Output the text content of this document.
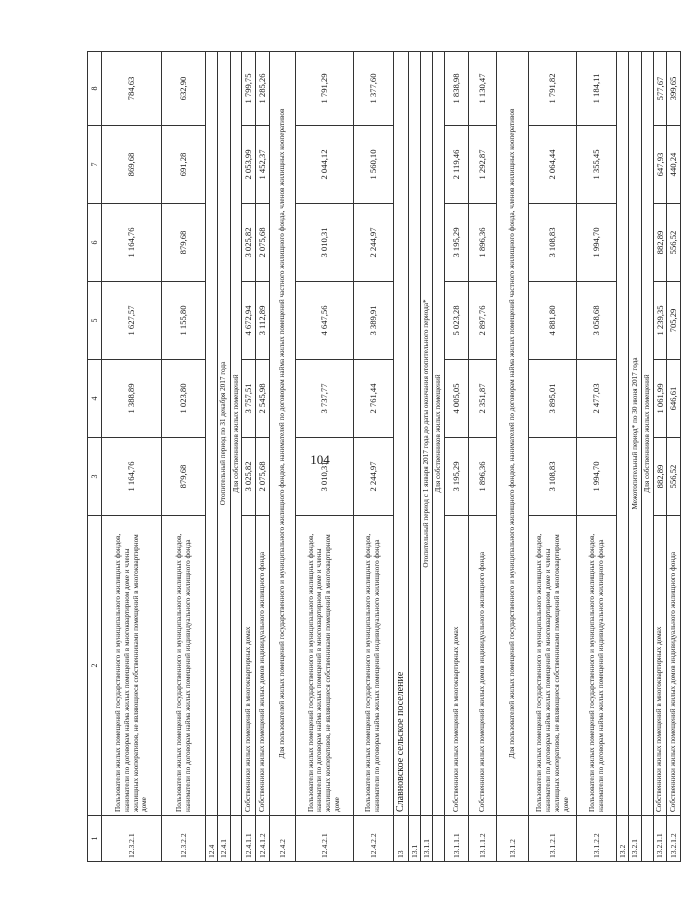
104
1	2	3	4	5	6	7	8
12.3.2.1	Пользователи жилых помещений государственного и муниципального жилищных фондов, наниматели по договорам найма жилых помещений в многоквартирном доме и члены жилищных кооперативов, не являющиеся собственниками помещений в многоквартирном доме	1 164,76	1 388,89	1 627,57	1 164,76	869,68	784,63
12.3.2.2	Пользователи жилых помещений государственного и муниципального жилищных фондов, наниматели по договорам найма жилых помещений индивидуального жилищного фонда	879,68	1 023,80	1 155,80	879,68	691,28	632,90
12.4							
12.4.1	Отопительный период по 31 декабря 2017 года						
	Для собственников жилых помещений						
12.4.1.1	Собственники жилых помещений в многоквартирных домах	3 025,82	3 757,51	4 672,94	3 025,82	2 053,99	1 799,75
12.4.1.2	Собственники жилых помещений жилых домов индивидуального жилищного фонда	2 075,68	2 545,98	3 112,89	2 075,68	1 452,37	1 285,26
12.4.2	Для пользователей жилых помещений государственного и муниципального жилищного фондов, нанимателей по договорам найма жилых помещений частного жилищного фонда, членов жилищных кооперативов						
12.4.2.1	Пользователи жилых помещений государственного и муниципального жилищных фондов, наниматели по договорам найма жилых помещений в многоквартирном доме и члены жилищных кооперативов, не являющиеся собственниками помещений в многоквартирном доме	3 010,31	3 737,77	4 647,56	3 010,31	2 044,12	1 791,29
12.4.2.2	Пользователи жилых помещений государственного и муниципального жилищных фондов, наниматели по договорам найма жилых помещений индивидуального жилищного фонда	2 244,97	2 761,44	3 389,91	2 244,97	1 560,10	1 377,60
13	Славновское сельское поселение						
13.1							
13.1.1	Отопительный период с 1 января 2017 года до даты окончания отопительного периода*						
	Для собственников жилых помещений						
13.1.1.1	Собственники жилых помещений в многоквартирных домах	3 195,29	4 005,05	5 023,28	3 195,29	2 119,46	1 838,98
13.1.1.2	Собственники жилых помещений жилых домов индивидуального жилищного фонда	1 896,36	2 351,87	2 897,76	1 896,36	1 292,87	1 130,47
13.1.2	Для пользователей жилых помещений государственного и муниципального жилищного фондов, нанимателей по договорам найма жилых помещений частного жилищного фонда, членов жилищных кооперативов						
13.1.2.1	Пользователи жилых помещений государственного и муниципального жилищных фондов, наниматели по договорам найма жилых помещений в многоквартирном доме и члены жилищных кооперативов, не являющиеся собственниками помещений в многоквартирном доме	3 108,83	3 895,01	4 881,80	3 108,83	2 064,44	1 791,82
13.1.2.2	Пользователи жилых помещений государственного и муниципального жилищных фондов, наниматели по договорам найма жилых помещений индивидуального жилищного фонда	1 994,70	2 477,03	3 058,68	1 994,70	1 355,45	1 184,11
13.2							
13.2.1	Межотопительный период* по 30 июня 2017 года						
	Для собственников жилых помещений						
13.2.1.1	Собственники жилых помещений в многоквартирных домах	882,89	1 061,99	1 239,35	882,89	647,93	577,67
13.2.1.2	Собственники жилых помещений жилых домов индивидуального жилищного фонда	556,52	646,61	705,29	556,52	440,24	399,65
